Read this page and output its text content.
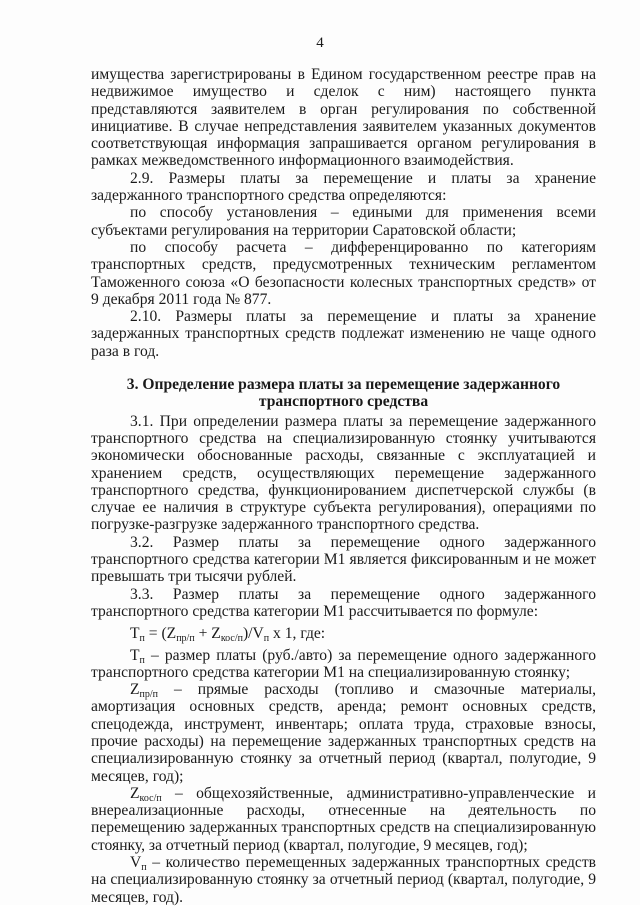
4

имущества зарегистрированы в Едином государственном реестре прав на недвижимое имущество и сделок с ним) настоящего пункта представляются заявителем в орган регулирования по собственной инициативе. В случае непредставления заявителем указанных документов соответствующая информация запрашивается органом регулирования в рамках межведомственного информационного взаимодействия.

2.9. Размеры платы за перемещение и платы за хранение задержанного транспортного средства определяются:

по способу установления – едиными для применения всеми субъектами регулирования на территории Саратовской области;

по способу расчета – дифференцированно по категориям транспортных средств, предусмотренных техническим регламентом Таможенного союза «О безопасности колесных транспортных средств» от 9 декабря 2011 года № 877.

2.10. Размеры платы за перемещение и платы за хранение задержанных транспортных средств подлежат изменению не чаще одного раза в год.

3. Определение размера платы за перемещение задержанного транспортного средства

3.1. При определении размера платы за перемещение задержанного транспортного средства на специализированную стоянку учитываются экономически обоснованные расходы, связанные с эксплуатацией и хранением средств, осуществляющих перемещение задержанного транспортного средства, функционированием диспетчерской службы (в случае ее наличия в структуре субъекта регулирования), операциями по погрузке-разгрузке задержанного транспортного средства.

3.2. Размер платы за перемещение одного задержанного транспортного средства категории М1 является фиксированным и не может превышать три тысячи рублей.

3.3. Размер платы за перемещение одного задержанного транспортного средства категории М1 рассчитывается по формуле:

$T_п = (Z_{пр/п} + Z_{кос/п})/V_п$ х 1, где:

$T_п$ – размер платы (руб./авто) за перемещение одного задержанного транспортного средства категории М1 на специализированную стоянку;

$Z_{пр/п}$ – прямые расходы (топливо и смазочные материалы, амортизация основных средств, аренда; ремонт основных средств, спецодежда, инструмент, инвентарь; оплата труда, страховые взносы, прочие расходы) на перемещение задержанных транспортных средств на специализированную стоянку за отчетный период (квартал, полугодие, 9 месяцев, год);

$Z_{кос/п}$ – общехозяйственные, административно-управленческие и внереализационные расходы, отнесенные на деятельность по перемещению задержанных транспортных средств на специализированную стоянку, за отчетный период (квартал, полугодие, 9 месяцев, год);

$V_п$ – количество перемещенных задержанных транспортных средств на специализированную стоянку за отчетный период (квартал, полугодие, 9 месяцев, год).
